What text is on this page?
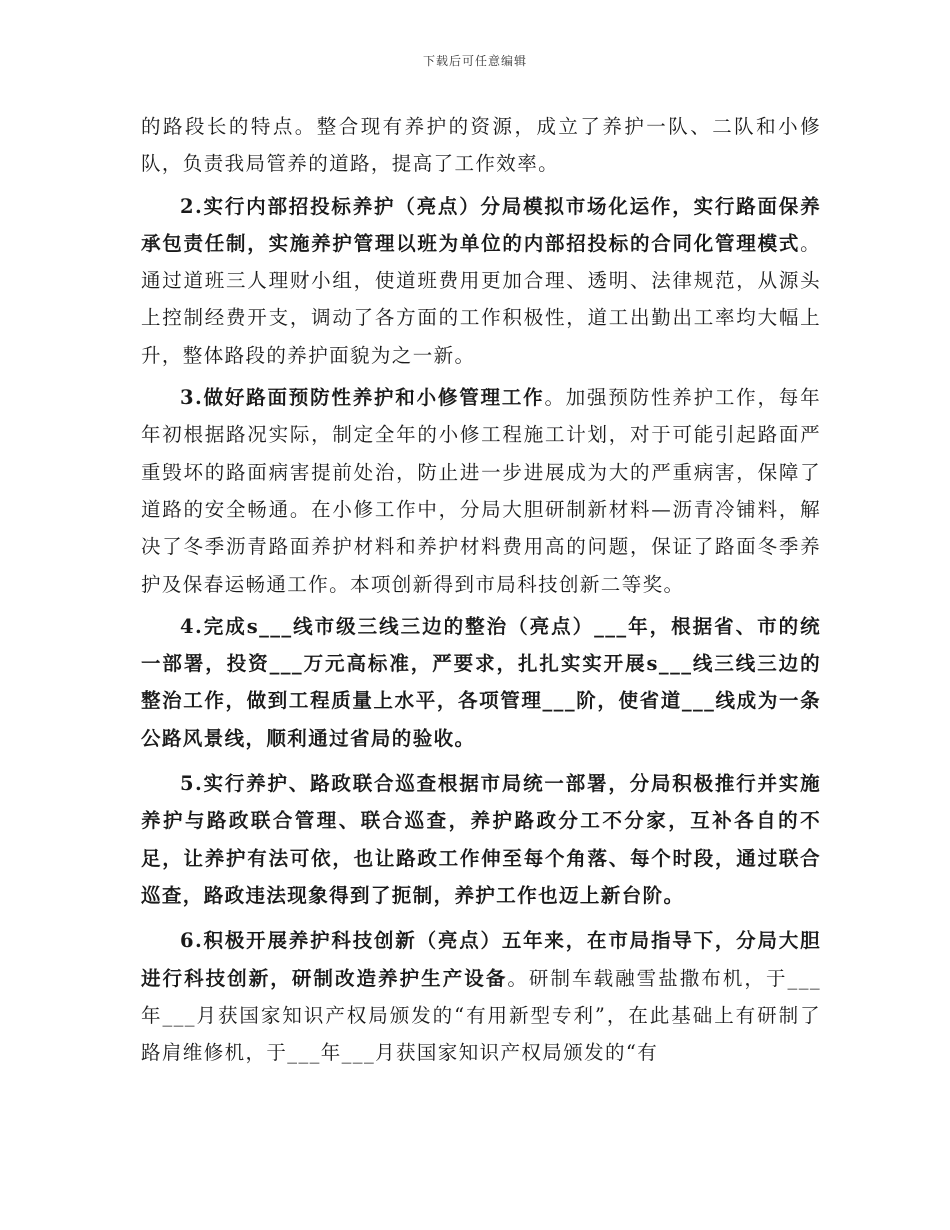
下载后可任意编辑

的路段长的特点。整合现有养护的资源，成立了养护一队、二队和小修队，负责我局管养的道路，提高了工作效率。

2.实行内部招投标养护（亮点）分局模拟市场化运作，实行路面保养承包责任制，实施养护管理以班为单位的内部招投标的合同化管理模式。通过道班三人理财小组，使道班费用更加合理、透明、法律规范，从源头上控制经费开支，调动了各方面的工作积极性，道工出勤出工率均大幅上升，整体路段的养护面貌为之一新。

3.做好路面预防性养护和小修管理工作。加强预防性养护工作，每年年初根据路况实际，制定全年的小修工程施工计划，对于可能引起路面严重毁坏的路面病害提前处治，防止进一步进展成为大的严重病害，保障了道路的安全畅通。在小修工作中，分局大胆研制新材料—沥青冷铺料，解决了冬季沥青路面养护材料和养护材料费用高的问题，保证了路面冬季养护及保春运畅通工作。本项创新得到市局科技创新二等奖。

4.完成s___线市级三线三边的整治（亮点）___年，根据省、市的统一部署，投资___万元高标准，严要求，扎扎实实开展s___线三线三边的整治工作，做到工程质量上水平，各项管理___阶，使省道___线成为一条公路风景线，顺利通过省局的验收。

5.实行养护、路政联合巡查根据市局统一部署，分局积极推行并实施养护与路政联合管理、联合巡查，养护路政分工不分家，互补各自的不足，让养护有法可依，也让路政工作伸至每个角落、每个时段，通过联合巡查，路政违法现象得到了扼制，养护工作也迈上新台阶。

6.积极开展养护科技创新（亮点）五年来，在市局指导下，分局大胆进行科技创新，研制改造养护生产设备。研制车载融雪盐撒布机，于___年___月获国家知识产权局颁发的“有用新型专利”，在此基础上有研制了路肩维修机，于___年___月获国家知识产权局颁发的“有
